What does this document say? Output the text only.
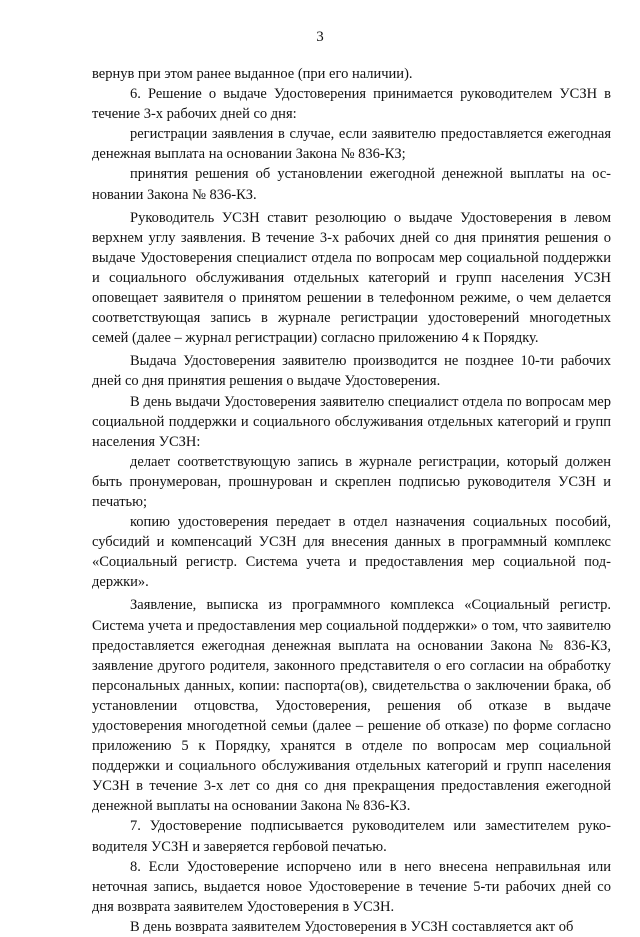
3

вернув при этом ранее выданное (при его наличии).

6. Решение о выдаче Удостоверения принимается руководителем УСЗН в течение 3-х рабочих дней со дня:

регистрации заявления в случае, если заявителю предоставляется ежегодная денежная выплата на основании Закона № 836-КЗ;

принятия решения об установлении ежегодной денежной выплаты на основании Закона № 836-КЗ.

Руководитель УСЗН ставит резолюцию о выдаче Удостоверения в левом верхнем углу заявления. В течение 3-х рабочих дней со дня принятия решения о выдаче Удостоверения специалист отдела по вопросам мер социальной поддержки и социального обслуживания отдельных категорий и групп населения УСЗН оповещает заявителя о принятом решении в телефонном режиме, о чем делается соответствующая запись в журнале регистрации удостоверений многодетных семей (далее – журнал регистрации) согласно приложению 4 к Порядку.

Выдача Удостоверения заявителю производится не позднее 10-ти рабочих дней со дня принятия решения о выдаче Удостоверения.

В день выдачи Удостоверения заявителю специалист отдела по вопросам мер социальной поддержки и социального обслуживания отдельных категорий и групп населения УСЗН:

делает соответствующую запись в журнале регистрации, который должен быть пронумерован, прошнурован и скреплен подписью руководителя УСЗН и печатью;

копию удостоверения передает в отдел назначения социальных пособий, субсидий и компенсаций УСЗН для внесения данных в программный комплекс «Социальный регистр. Система учета и предоставления мер социальной поддержки».

Заявление, выписка из программного комплекса «Социальный регистр. Система учета и предоставления мер социальной поддержки» о том, что заявителю предоставляется ежегодная денежная выплата на основании Закона № 836-КЗ, заявление другого родителя, законного представителя о его согласии на обработку персональных данных, копии: паспорта(ов), свидетельства о заключении брака, об установлении отцовства, Удостоверения, решения об отказе в выдаче удостоверения многодетной семьи (далее – решение об отказе) по форме согласно приложению 5 к Порядку, хранятся в отделе по вопросам мер социальной поддержки и социального обслуживания отдельных категорий и групп населения УСЗН в течение 3-х лет со дня со дня прекращения предоставления ежегодной денежной выплаты на основании Закона № 836-КЗ.

7. Удостоверение подписывается руководителем или заместителем руководителя УСЗН и заверяется гербовой печатью.

8. Если Удостоверение испорчено или в него внесена неправильная или неточная запись, выдается новое Удостоверение в течение 5-ти рабочих дней со дня возврата заявителем Удостоверения в УСЗН.

В день возврата заявителем Удостоверения в УСЗН составляется акт об
